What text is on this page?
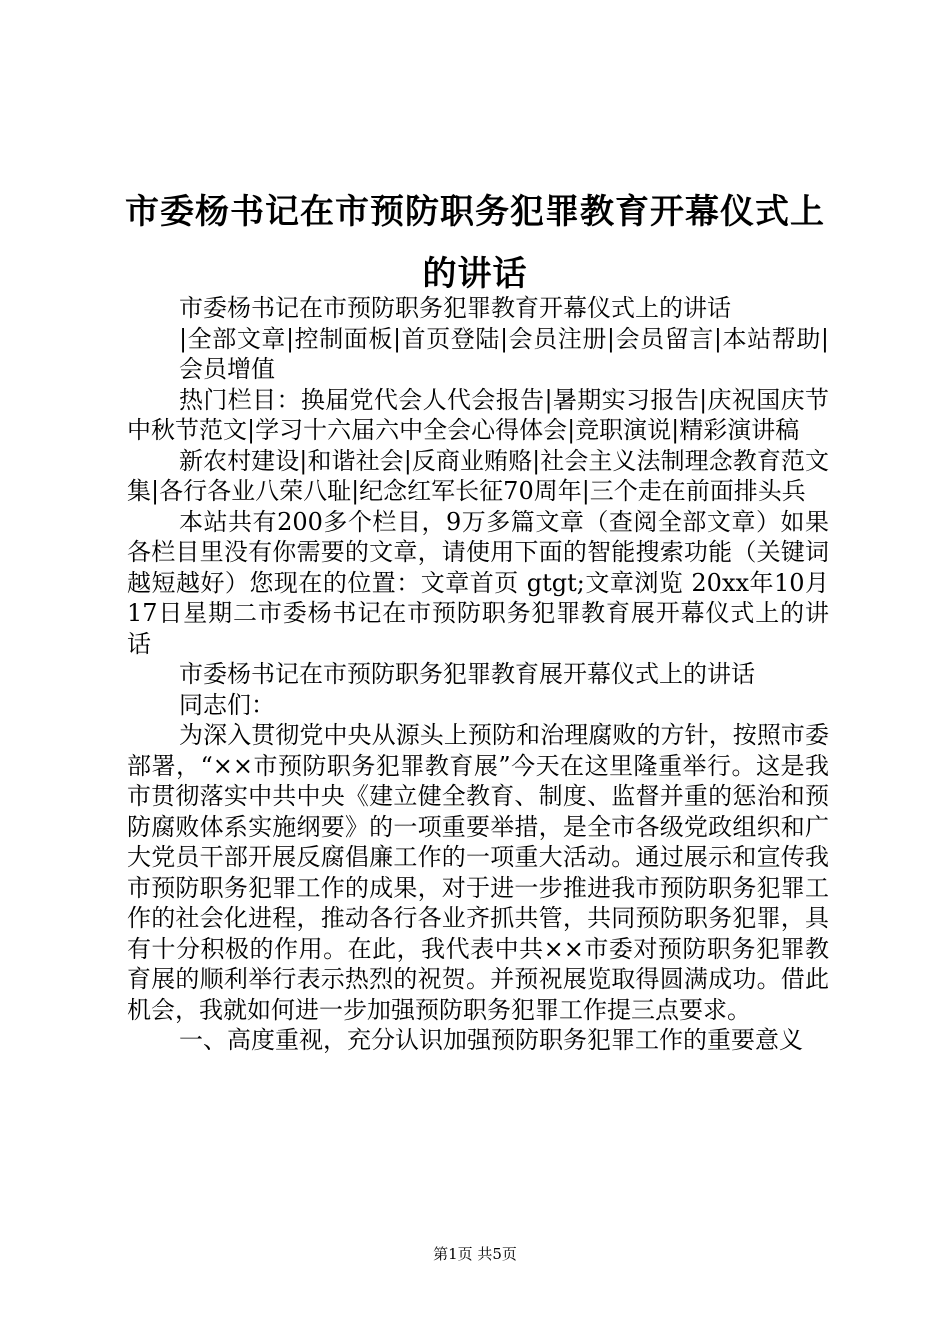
市委杨书记在市预防职务犯罪教育开幕仪式上的讲话

市委杨书记在市预防职务犯罪教育开幕仪式上的讲话

|全部文章|控制面板|首页登陆|会员注册|会员留言|本站帮助|会员增值

热门栏目：换届党代会人代会报告|暑期实习报告|庆祝国庆节中秋节范文|学习十六届六中全会心得体会|竞职演说|精彩演讲稿

新农村建设|和谐社会|反商业贿赂|社会主义法制理念教育范文集|各行各业八荣八耻|纪念红军长征70周年|三个走在前面排头兵

本站共有200多个栏目，9万多篇文章（查阅全部文章）如果各栏目里没有你需要的文章，请使用下面的智能搜索功能（关键词越短越好）您现在的位置：文章首页 gtgt;文章浏览 20xx年10月17日星期二市委杨书记在市预防职务犯罪教育展开幕仪式上的讲话

市委杨书记在市预防职务犯罪教育展开幕仪式上的讲话

同志们：

为深入贯彻党中央从源头上预防和治理腐败的方针，按照市委部署，“××市预防职务犯罪教育展”今天在这里隆重举行。这是我市贯彻落实中共中央《建立健全教育、制度、监督并重的惩治和预防腐败体系实施纲要》的一项重要举措，是全市各级党政组织和广大党员干部开展反腐倡廉工作的一项重大活动。通过展示和宣传我市预防职务犯罪工作的成果，对于进一步推进我市预防职务犯罪工作的社会化进程，推动各行各业齐抓共管，共同预防职务犯罪，具有十分积极的作用。在此，我代表中共××市委对预防职务犯罪教育展的顺利举行表示热烈的祝贺。并预祝展览取得圆满成功。借此机会，我就如何进一步加强预防职务犯罪工作提三点要求。

一、高度重视，充分认识加强预防职务犯罪工作的重要意义

第1页 共5页
